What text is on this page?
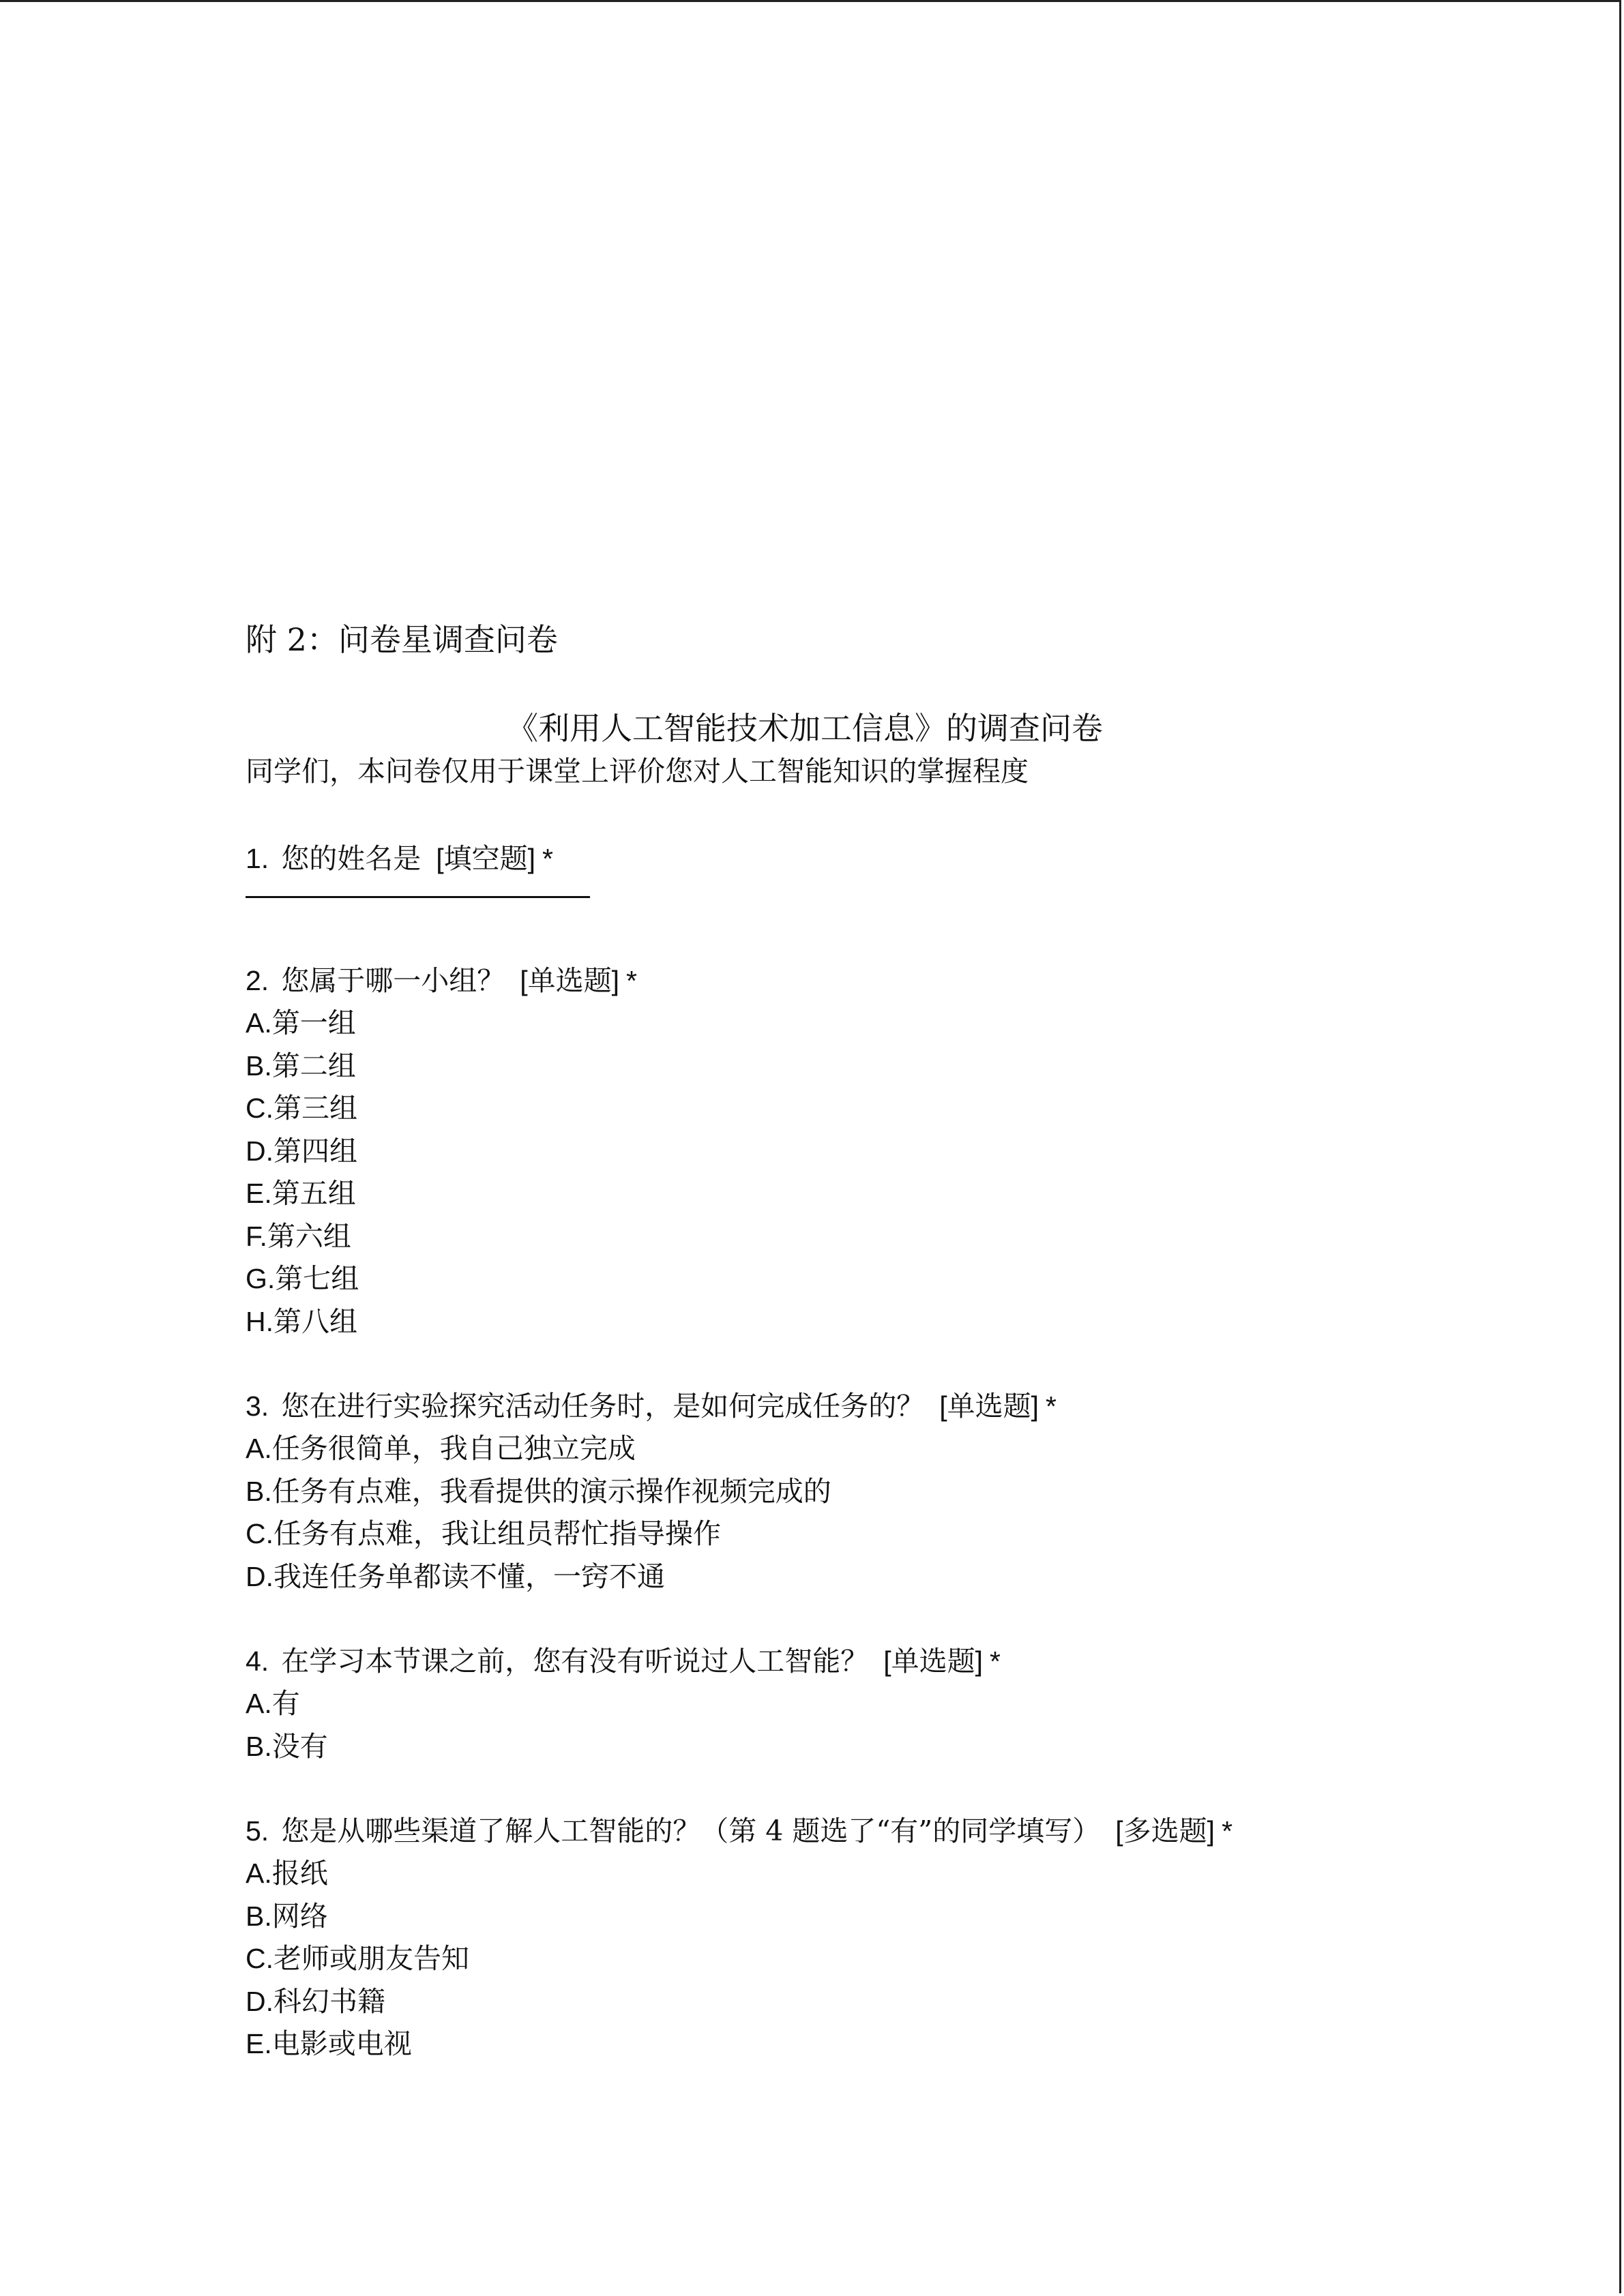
附 2：问卷星调查问卷
《利用人工智能技术加工信息》的调查问卷
同学们，本问卷仅用于课堂上评价您对人工智能知识的掌握程度
1. 您的姓名是 [填空题] *
2. 您属于哪一小组？ [单选题] *
A.第一组
B.第二组
C.第三组
D.第四组
E.第五组
F.第六组
G.第七组
H.第八组
3. 您在进行实验探究活动任务时，是如何完成任务的？ [单选题] *
A.任务很简单，我自己独立完成
B.任务有点难，我看提供的演示操作视频完成的
C.任务有点难，我让组员帮忙指导操作
D.我连任务单都读不懂，一窍不通
4. 在学习本节课之前，您有没有听说过人工智能？ [单选题] *
A.有
B.没有
5. 您是从哪些渠道了解人工智能的？（第 4 题选了“有”的同学填写） [多选题] *
A.报纸
B.网络
C.老师或朋友告知
D.科幻书籍
E.电影或电视
